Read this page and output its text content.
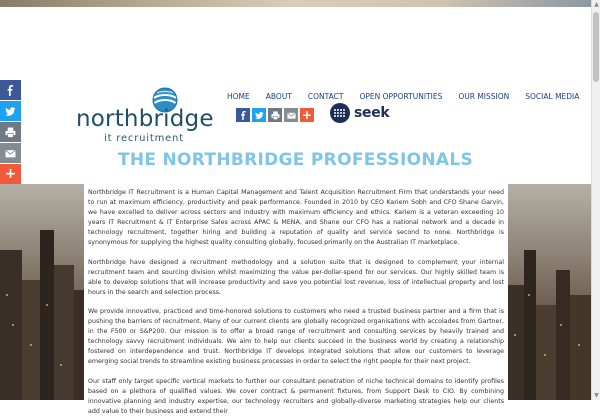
▲
▼
+
northbridge
it recruitment
HOME	ABOUT	CONTACT	OPEN OPPORTUNITIES	OUR MISSION	SOCIAL MEDIA
+	seek
THE NORTHBRIDGE PROFESSIONALS

Northbridge IT Recruitment is a Human Capital Management and Talent Acquisition Recruitment Firm that understands your need to run at maximum efficiency, productivity and peak performance. Founded in 2010 by CEO Kariem Sobh and CFO Shane Garvin, we have excelled to deliver across sectors and industry with maximum efficiency and ethics. Kariem is a veteran exceeding 10 years IT Recruitment & IT Enterprise Sales across APAC & MENA, and Shane our CFO has a national network and a decade in technology recruitment, together hiring and building a reputation of quality and service second to none. Northbridge is synonymous for supplying the highest quality consulting globally, focused primarily on the Australian IT marketplace.

Northbridge have designed a recruitment methodology and a solution suite that is designed to complement your internal recruitment team and sourcing division whilst maximizing the value per-dollar-spend for our services. Our highly skilled team is able to develop solutions that will increase productivity and save you potential lost revenue, loss of intellectual property and lost hours in the search and selection process.

We provide innovative, practiced and time-honored solutions to customers who need a trusted business partner and a firm that is pushing the barriers of recruitment. Many of our current clients are globally recognized organisations with accolades from Gartner, in the F500 or S&P200. Our mission is to offer a broad range of recruitment and consulting services by heavily trained and technology savvy recruitment individuals. We aim to help our clients succeed in the business world by creating a relationship fostered on interdependence and trust. Northbridge IT develops integrated solutions that allow our customers to leverage emerging social trends to streamline existing business processes in order to select the right people for their next project.

Our staff only target specific vertical markets to further our consultant penetration of niche technical domains to identify profiles based on a plethora of qualified values. We cover contract & permanent fixtures, from Support Desk to CIO. By combining innovative planning and industry expertise, our technology recruiters and globally-diverse marketing strategies help our clients add value to their business and extend their
